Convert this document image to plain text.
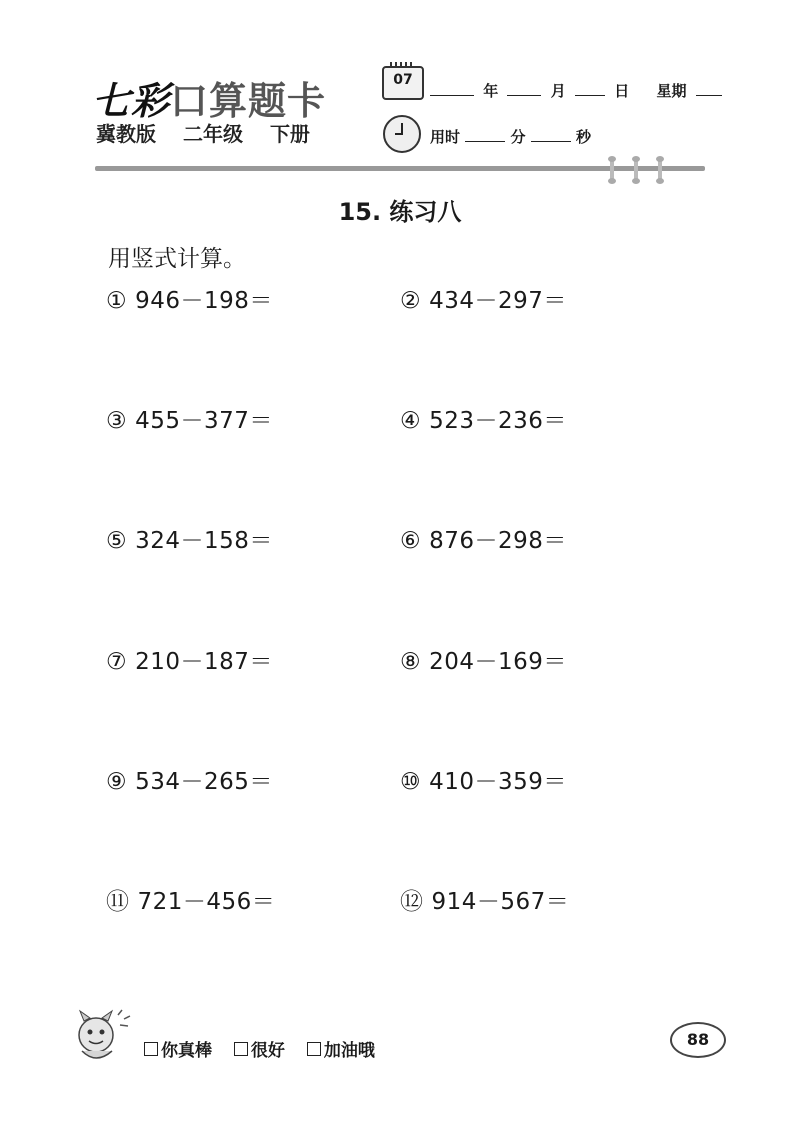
七彩口算题卡
冀教版 二年级 下册
07
年	月	日 星期
用时	分	秒
15. 练习八
用竖式计算。
① 946－198＝	② 434－297＝
③ 455－377＝	④ 523－236＝
⑤ 324－158＝	⑥ 876－298＝
⑦ 210－187＝	⑧ 204－169＝
⑨ 534－265＝	⑩ 410－359＝
⑪ 721－456＝	⑫ 914－567＝
你真棒
很好
加油哦
88
